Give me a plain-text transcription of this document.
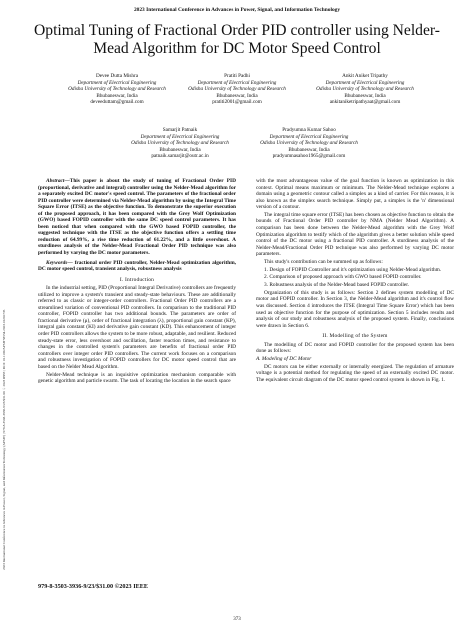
2023 International Conference in Advances in Power, Signal, and Information Technology (APSIT) | 979-8-3503-3936-9/23/$31.00 ©2023 IEEE | DOI: 10.1109/APSIT58554.2023.10201735
2023 International Conference in Advances in Power, Signal, and Information Technology
Optimal Tuning of Fractional Order PID controller using Nelder-Mead Algorithm for DC Motor Speed Control
Devee Dutta Mishra
Department of Electrical Engineering
Odisha University of Technology and Research
Bhubaneswar, India
deveeduttam@gmail.com
Pratiti Padhi
Department of Electrical Engineering
Odisha University of Technology and Research
Bhubaneswar, India
pratiti2001@gmail.com
Ankit Aniket Tripathy
Department of Electrical Engineering
Odisha University of Technology and Research
Bhubaneswar, India
ankitaniketripathyaat@gmail.com
Samarjit Patnaik
Department of Electrical Engineering
Odisha University of Technology and Research
Bhubaneswar, India
patnaik.samarjit@outr.ac.in
Pradyumna Kumar Sahoo
Department of Electrical Engineering
Odisha University of Technology and Research
Bhubaneswar, India
pradyumnasahoo1965@gmail.com

Abstract—This paper is about the study of tuning of Fractional Order PID (proportional, derivative and integral) controller using the Nelder-Mead algorithm for a separately excited DC motor's speed control. The parameters of the fractional order PID controller were determined via Nelder-Mead algorithm by using the Integral Time Square Error (ITSE) as the objective function. To demonstrate the superior execution of the proposed approach, it has been compared with the Grey Wolf Optimization (GWO) based FOPID controller with the same DC speed control parameters. It has been noticed that when compared with the GWO based FOPID controller, the suggested technique with the ITSE as the objective function offers a settling time reduction of 64.99%, a rise time reduction of 61.22%, and a little overshoot. A sturdiness analysis of the Nelder-Mead Fractional Order PID technique was also performed by varying the DC motor parameters.

Keywords— fractional order PID controller, Nelder-Mead optimization algorithm, DC motor speed control, transient analysis, robustness analysis

I. Introduction

In the industrial setting, PID (Proportional Integral Derivative) controllers are frequently utilized to improve a system's transient and steady-state behaviours. These are additionally referred to as classic or integer-order controllers. Fractional Order PID controllers are a streamlined variation of conventional PID controllers. In comparison to the traditional PID controller, FOPID controller has two additional bounds. The parameters are order of fractional derivative (μ), order of fractional integration (λ), proportional gain constant (KP), integral gain constant (KI) and derivative gain constant (KD). This enhancement of integer order PID controllers allows the system to be more robust, adaptable, and resilient. Reduced steady-state error, less overshoot and oscillation, faster reaction times, and resistance to changes in the controlled system's parameters are benefits of fractional order PID controllers over integer order PID controllers. The current work focuses on a comparison and robustness investigation of FOPID controllers for DC motor speed control that are based on the Nelder Mead Algorithm.

Nelder-Mead technique is an inquisitive optimization mechanism comparable with genetic algorithm and particle swarm. The task of locating the location in the search space

with the most advantageous value of the goal function is known as optimization in this context. Optimal means maximum or minimum. The Nelder-Mead technique explores a domain using a geometric contour called a simplex as a kind of carrier. For this reason, it is also known as the simplex search technique. Simply put, a simplex is the 'n' dimensional version of a contour.

The integral time square error (ITSE) has been chosen as objective function to obtain the bounds of Fractional Order PID controller by NMA (Nelder Mead Algorithm). A comparison has been done between the Nelder-Mead algorithm with the Grey Wolf Optimization algorithm to testify which of the algorithm gives a better solution while speed control of the DC motor using a fractional PID controller. A sturdiness analysis of the Nelder-Mead/Fractional Order PID technique was also performed by varying DC motor parameters.

This study's contribution can be summed up as follows:

1. Design of FOPID Controller and it's optimization using Nelder-Mead algorithm.

2. Comparison of proposed approach with GWO based FOPID controller.

3. Robustness analysis of the Nelder-Mead based FOPID controller.

Organization of this study is as follows: Section 2 defines system modelling of DC motor and FOPID controller. In Section 3, the Nelder-Mead algorithm and it's control flow was discussed. Section 4 introduces the ITSE (Integral Time Square Error) which has been used as objective function for the purpose of optimization. Section 5 includes results and analysis of our study and robustness analysis of the proposed system. Finally, conclusions were drawn in Section 6.

II. Modelling of the System

The modelling of DC motor and FOPID controller for the proposed system has been done as follows:

A. Modeling of DC Motor

DC motors can be either externally or internally energized. The regulation of armature voltage is a potential method for regulating the speed of an externally excited DC motor. The equivalent circuit diagram of the DC motor speed control system is shown in Fig. 1.

979-8-3503-3936-9/23/$31.00 ©2023 IEEE
373
